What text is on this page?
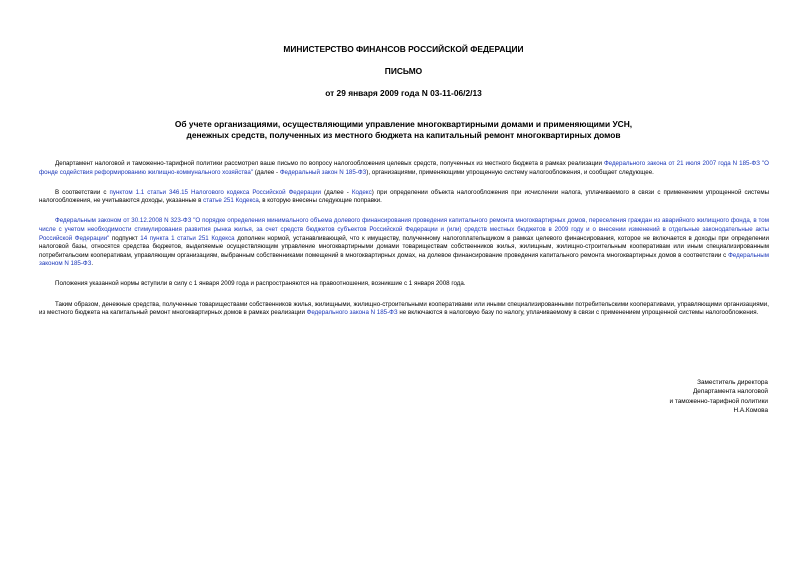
МИНИСТЕРСТВО ФИНАНСОВ РОССИЙСКОЙ ФЕДЕРАЦИИ
ПИСЬМО
от 29 января 2009 года N 03-11-06/2/13
Об учете организациями, осуществляющими управление многоквартирными домами и применяющими УСН,
денежных средств, полученных из местного бюджета на капитальный ремонт многоквартирных домов

Департамент налоговой и таможенно-тарифной политики рассмотрел ваше письмо по вопросу налогообложения целевых средств, полученных из местного бюджета в рамках реализации Федерального закона от 21 июля 2007 года N 185-ФЗ "О фонде содействия реформированию жилищно-коммунального хозяйства" (далее - Федеральный закон N 185-ФЗ), организациями, применяющими упрощенную систему налогообложения, и сообщает следующее.

В соответствии с пунктом 1.1 статьи 346.15 Налогового кодекса Российской Федерации (далее - Кодекс) при определении объекта налогообложения при исчислении налога, уплачиваемого в связи с применением упрощенной системы налогообложения, не учитываются доходы, указанные в статье 251 Кодекса, в которую внесены следующие поправки.

Федеральным законом от 30.12.2008 N 323-ФЗ "О порядке определения минимального объема долевого финансирования проведения капитального ремонта многоквартирных домов, переселения граждан из аварийного жилищного фонда, в том числе с учетом необходимости стимулирования развития рынка жилья, за счет средств бюджетов субъектов Российской Федерации и (или) средств местных бюджетов в 2009 году и о внесении изменений в отдельные законодательные акты Российской Федерации" подпункт 14 пункта 1 статьи 251 Кодекса дополнен нормой, устанавливающей, что к имуществу, полученному налогоплательщиком в рамках целевого финансирования, которое не включается в доходы при определении налоговой базы, относятся средства бюджетов, выделяемые осуществляющим управление многоквартирными домами товариществам собственников жилья, жилищным, жилищно-строительным кооперативам или иным специализированным потребительским кооперативам, управляющим организациям, выбранным собственниками помещений в многоквартирных домах, на долевое финансирование проведения капитального ремонта многоквартирных домов в соответствии с Федеральным законом N 185-ФЗ.

Положения указанной нормы вступили в силу с 1 января 2009 года и распространяются на правоотношения, возникшие с 1 января 2008 года.

Таким образом, денежные средства, полученные товариществами собственников жилья, жилищными, жилищно-строительными кооперативами или иными специализированными потребительскими кооперативами, управляющими организациями, из местного бюджета на капитальный ремонт многоквартирных домов в рамках реализации Федерального закона N 185-ФЗ не включаются в налоговую базу по налогу, уплачиваемому в связи с применением упрощенной системы налогообложения.

Заместитель директора
Департамента налоговой
и таможенно-тарифной политики
Н.А.Комова
